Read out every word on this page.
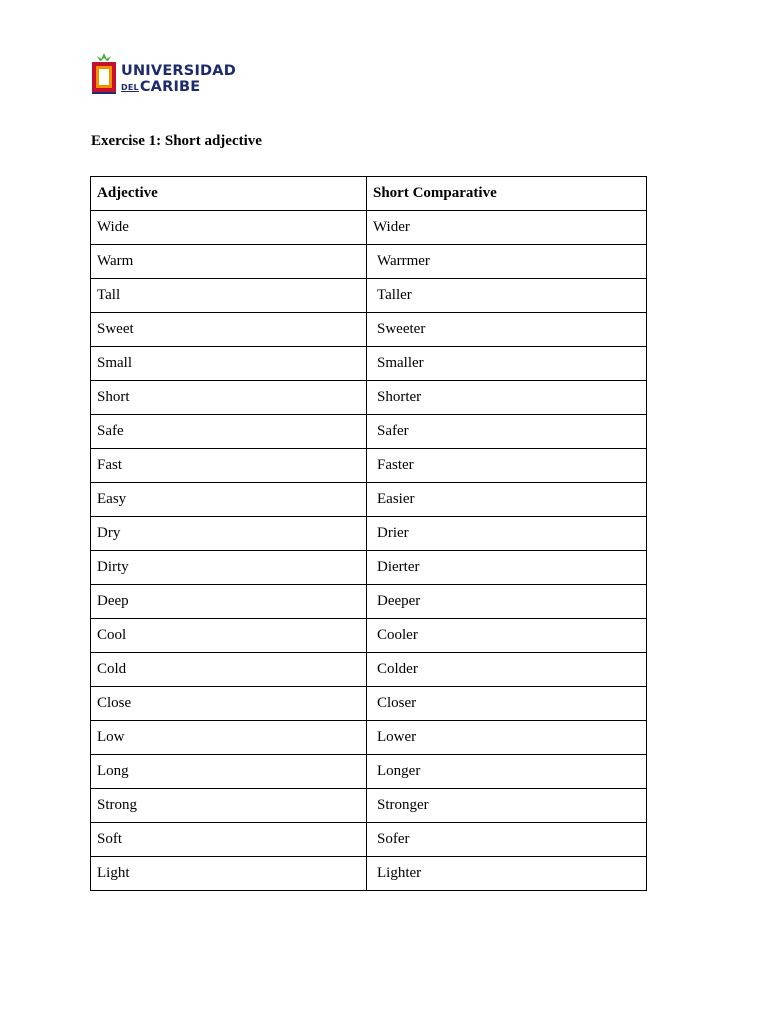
UNIVERSIDAD
DELCARIBE
Exercise 1: Short adjective
Adjective	Short Comparative
Wide	Wider
Warm	Warrmer
Tall	Taller
Sweet	Sweeter
Small	Smaller
Short	Shorter
Safe	Safer
Fast	Faster
Easy	Easier
Dry	Drier
Dirty	Dierter
Deep	Deeper
Cool	Cooler
Cold	Colder
Close	Closer
Low	Lower
Long	Longer
Strong	Stronger
Soft	Sofer
Light	Lighter
